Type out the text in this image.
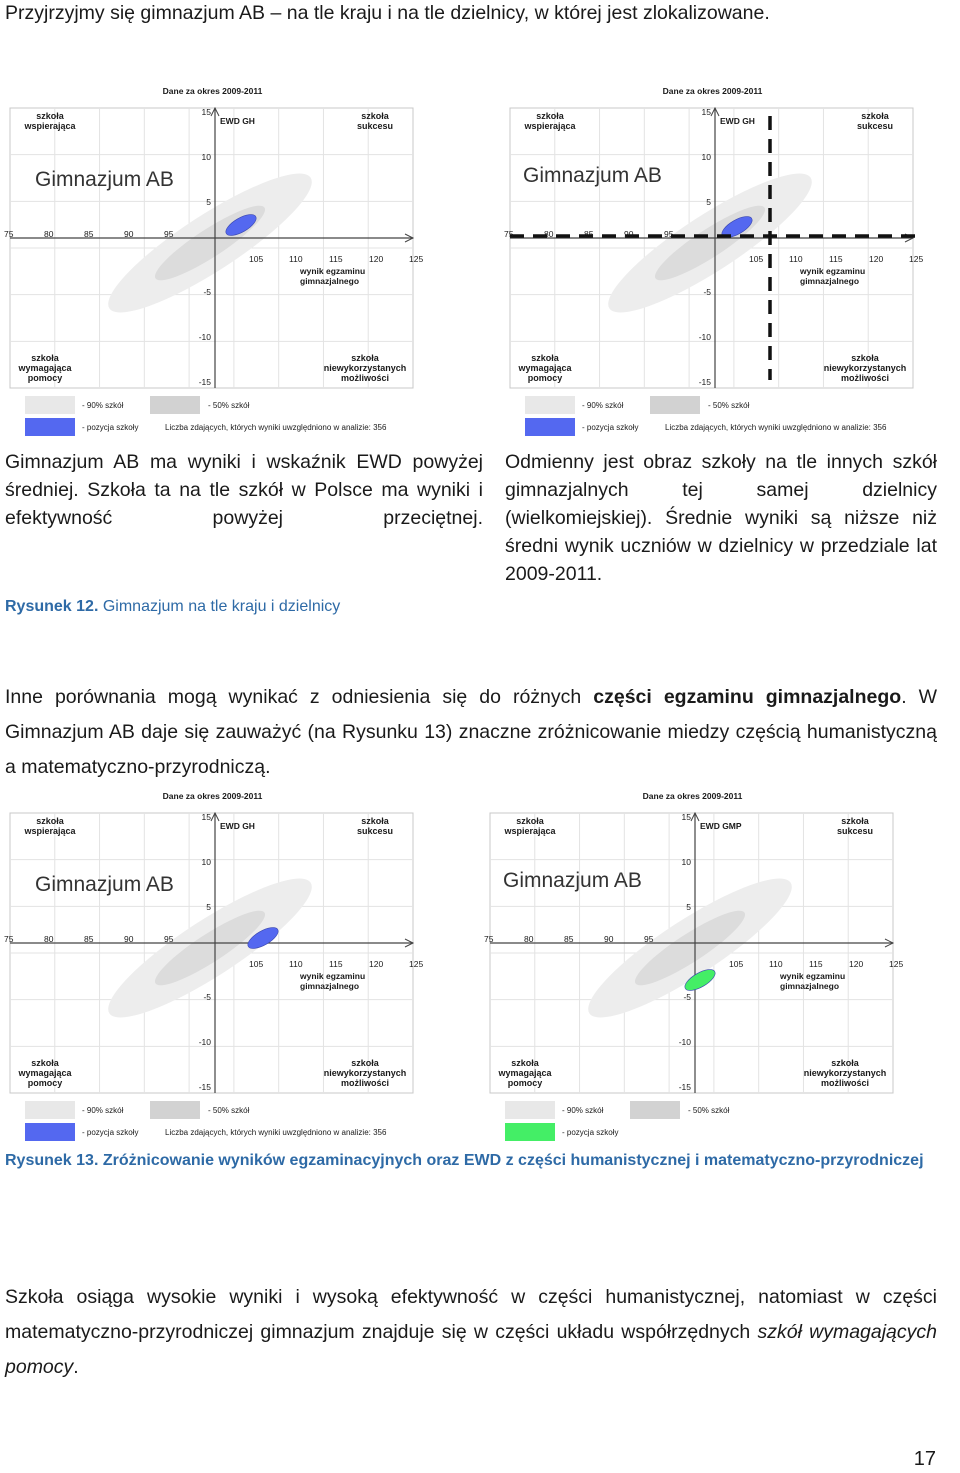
Przyjrzyjmy się gimnazjum AB – na tle kraju i na tle dzielnicy, w której jest zlokalizowane.
Dane za okres 2009-2011
szkoła
wspierająca
szkoła
sukcesu
szkoła
wymagająca
pomocy
szkoła
niewykorzystanych
możliwości
EWD GH
Gimnazjum AB
15
10
5
-5
-10
-15
75	80	85	90	95
105	110	115	120	125
wynik egzaminu gimnazjalnego
- 90% szkół	- 50% szkół
- pozycja szkoły	Liczba zdających, których wyniki uwzględniono w analizie: 356
Dane za okres 2009-2011
szkoła
wspierająca
szkoła
sukcesu
szkoła
wymagająca
pomocy
szkoła
niewykorzystanych
możliwości
EWD GH
Gimnazjum AB
15
10
5
-5
-10
-15
75	80	85	90	95
105	110	115	120	125
wynik egzaminu gimnazjalnego
- 90% szkół	- 50% szkół
- pozycja szkoły	Liczba zdających, których wyniki uwzględniono w analizie: 356
Gimnazjum AB ma wyniki i wskaźnik EWD powyżej średniej. Szkoła ta na tle szkół w Polsce ma wyniki i efektywność powyżej przeciętnej.
Odmienny jest obraz szkoły na tle innych szkół gimnazjalnych tej samej dzielnicy (wielkomiejskiej). Średnie wyniki są niższe niż średni wynik uczniów w dzielnicy w przedziale lat 2009-2011.
Rysunek 12. Gimnazjum na tle kraju i dzielnicy
Inne porównania mogą wynikać z odniesienia się do różnych części egzaminu gimnazjalnego. W Gimnazjum AB daje się zauważyć (na Rysunku 13) znaczne zróżnicowanie miedzy częścią humanistyczną a matematyczno-przyrodniczą.
Dane za okres 2009-2011
szkoła
wspierająca
szkoła
sukcesu
szkoła
wymagająca
pomocy
szkoła
niewykorzystanych
możliwości
EWD GH
Gimnazjum AB
15
10
5
-5
-10
-15
75	80	85	90	95
105	110	115	120	125
wynik egzaminu gimnazjalnego
- 90% szkół	- 50% szkół
- pozycja szkoły	Liczba zdających, których wyniki uwzględniono w analizie: 356
Dane za okres 2009-2011
szkoła
wspierająca
szkoła
sukcesu
szkoła
wymagająca
pomocy
szkoła
niewykorzystanych
możliwości
EWD GMP
Gimnazjum AB
15
10
5
-5
-10
-15
75	80	85	90	95
105	110	115	120	125
wynik egzaminu gimnazjalnego
- 90% szkół	- 50% szkół
- pozycja szkoły
Rysunek 13. Zróżnicowanie wyników egzaminacyjnych oraz EWD z części humanistycznej i matematyczno-przyrodniczej
Szkoła osiąga wysokie wyniki i wysoką efektywność w części humanistycznej, natomiast w części matematyczno-przyrodniczej gimnazjum znajduje się w części układu współrzędnych szkół wymagających pomocy.
17
